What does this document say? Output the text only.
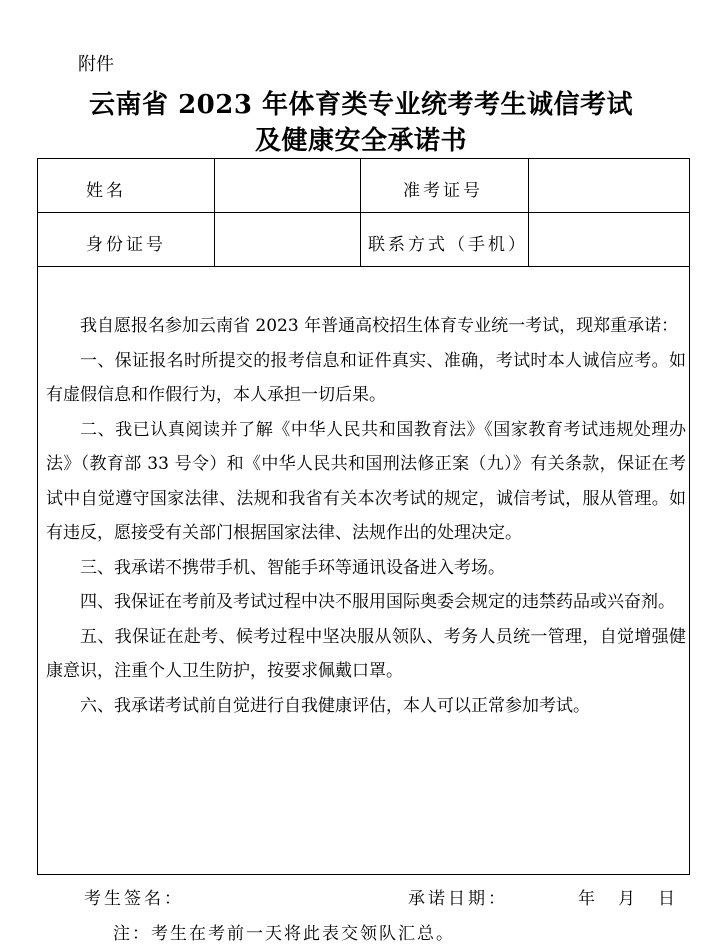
附件
云南省 2023 年体育类专业统考考生诚信考试
及健康安全承诺书
姓名	准考证号
身份证号	联系方式（手机）

我自愿报名参加云南省 2023 年普通高校招生体育专业统一考试，现郑重承诺：

一、保证报名时所提交的报考信息和证件真实、准确，考试时本人诚信应考。如有虚假信息和作假行为，本人承担一切后果。

二、我已认真阅读并了解《中华人民共和国教育法》《国家教育考试违规处理办法》（教育部 33 号令）和《中华人民共和国刑法修正案（九）》有关条款，保证在考试中自觉遵守国家法律、法规和我省有关本次考试的规定，诚信考试，服从管理。如有违反，愿接受有关部门根据国家法律、法规作出的处理决定。

三、我承诺不携带手机、智能手环等通讯设备进入考场。

四、我保证在考前及考试过程中决不服用国际奥委会规定的违禁药品或兴奋剂。

五、我保证在赴考、候考过程中坚决服从领队、考务人员统一管理，自觉增强健康意识，注重个人卫生防护，按要求佩戴口罩。

六、我承诺考试前自觉进行自我健康评估，本人可以正常参加考试。

考生签名：	承诺日期：	年 月 日
注：考生在考前一天将此表交领队汇总。
